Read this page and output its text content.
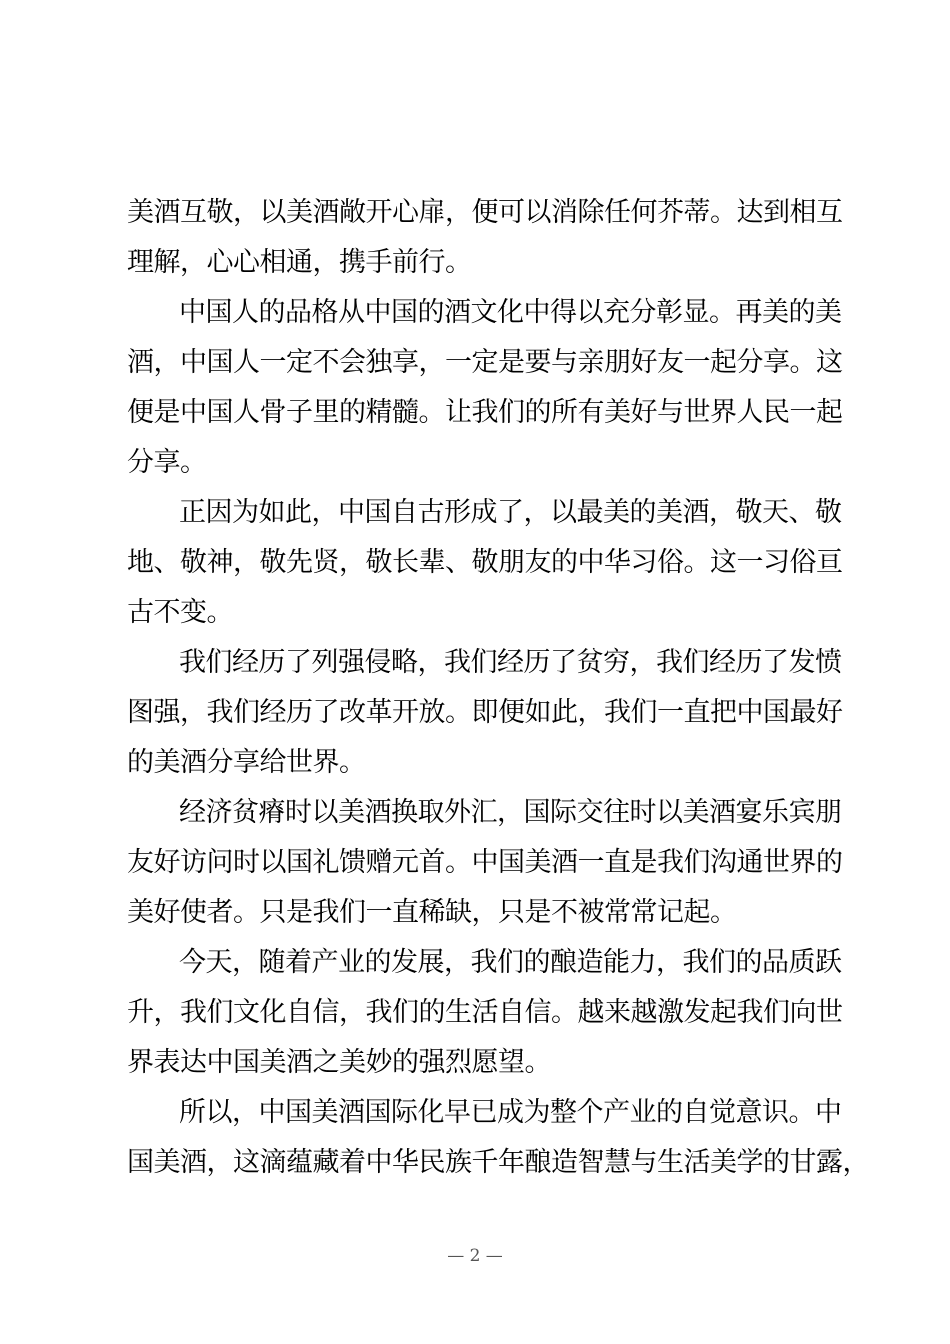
美酒互敬，以美酒敞开心扉，便可以消除任何芥蒂。达到相互
理解，心心相通，携手前行。

中国人的品格从中国的酒文化中得以充分彰显。再美的美
酒，中国人一定不会独享，一定是要与亲朋好友一起分享。这
便是中国人骨子里的精髓。让我们的所有美好与世界人民一起
分享。

正因为如此，中国自古形成了，以最美的美酒，敬天、敬
地、敬神，敬先贤，敬长辈、敬朋友的中华习俗。这一习俗亘
古不变。

我们经历了列强侵略，我们经历了贫穷，我们经历了发愤
图强，我们经历了改革开放。即便如此，我们一直把中国最好
的美酒分享给世界。

经济贫瘠时以美酒换取外汇，国际交往时以美酒宴乐宾朋
友好访问时以国礼馈赠元首。中国美酒一直是我们沟通世界的
美好使者。只是我们一直稀缺，只是不被常常记起。

今天，随着产业的发展，我们的酿造能力，我们的品质跃
升，我们文化自信，我们的生活自信。越来越激发起我们向世
界表达中国美酒之美妙的强烈愿望。

所以，中国美酒国际化早已成为整个产业的自觉意识。中
国美酒，这滴蕴藏着中华民族千年酿造智慧与生活美学的甘露，

— 2 —
